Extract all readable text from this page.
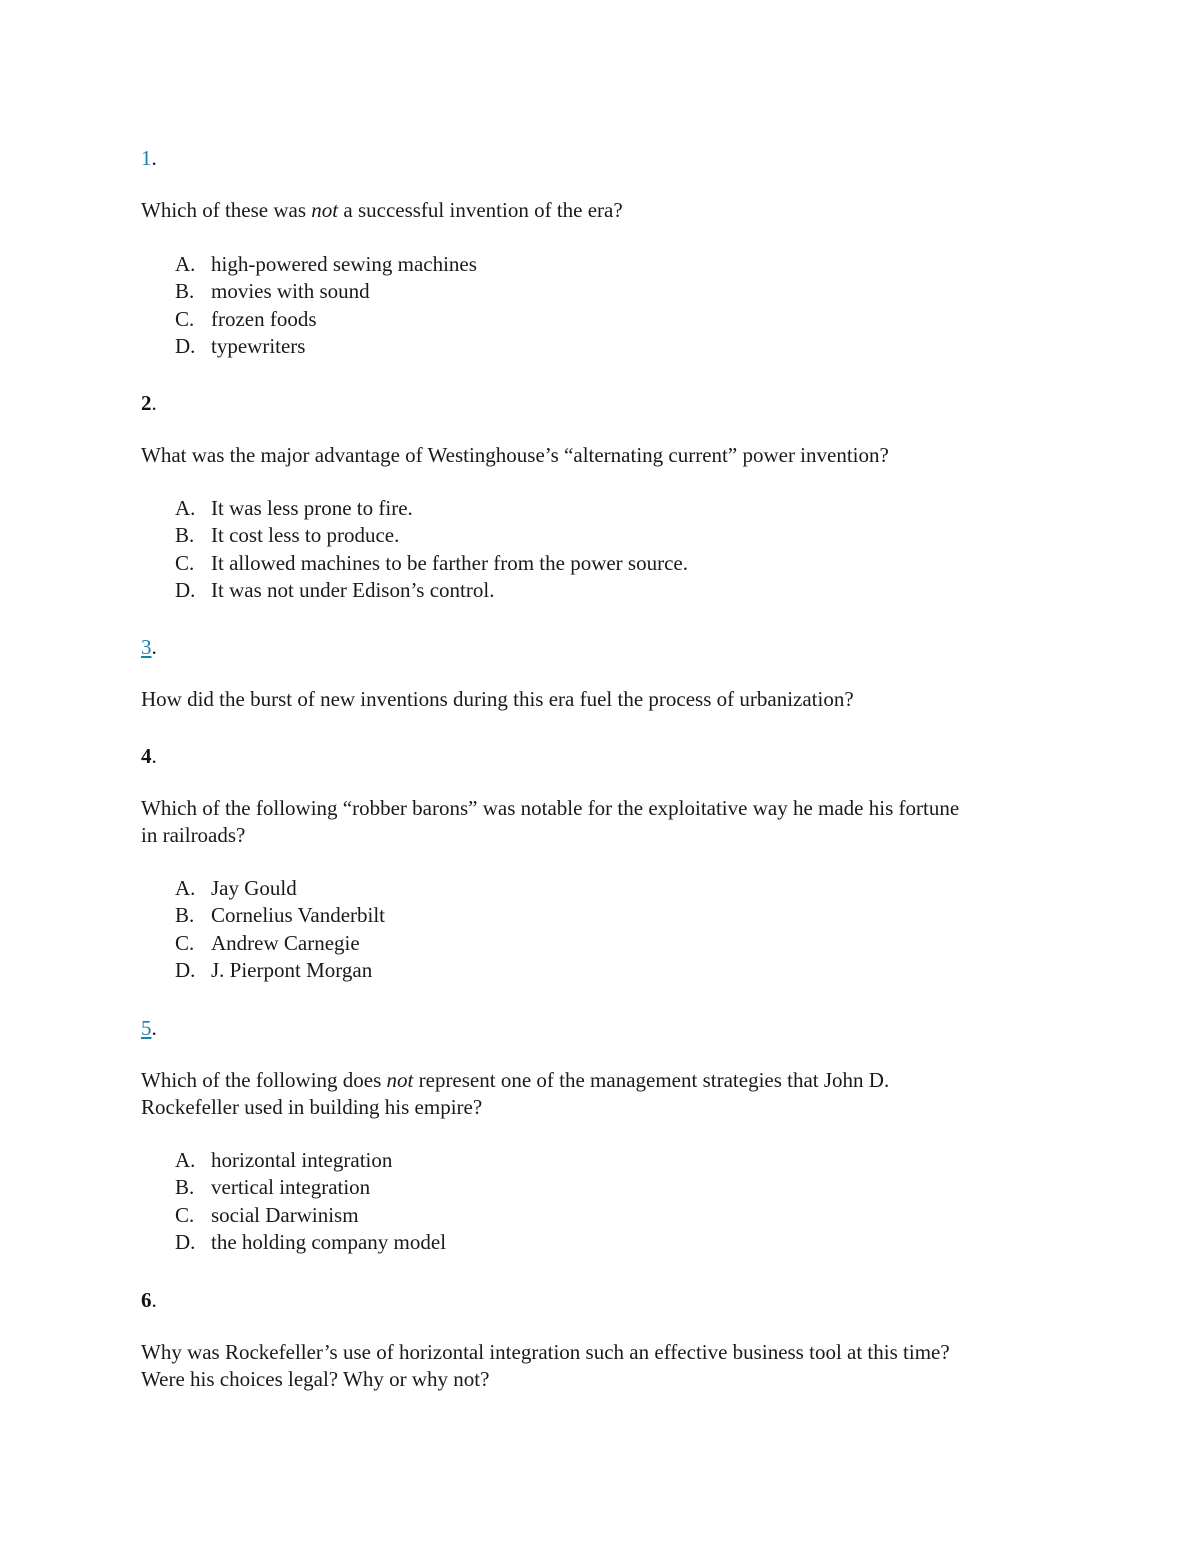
1.

Which of these was not a successful invention of the era?

A. high-powered sewing machines
B. movies with sound
C. frozen foods
D. typewriters

2.

What was the major advantage of Westinghouse’s “alternating current” power invention?

A. It was less prone to fire.
B. It cost less to produce.
C. It allowed machines to be farther from the power source.
D. It was not under Edison’s control.

3.

How did the burst of new inventions during this era fuel the process of urbanization?

4.

Which of the following “robber barons” was notable for the exploitative way he made his fortune
in railroads?

A. Jay Gould
B. Cornelius Vanderbilt
C. Andrew Carnegie
D. J. Pierpont Morgan

5.

Which of the following does not represent one of the management strategies that John D.
Rockefeller used in building his empire?

A. horizontal integration
B. vertical integration
C. social Darwinism
D. the holding company model

6.

Why was Rockefeller’s use of horizontal integration such an effective business tool at this time?
Were his choices legal? Why or why not?
